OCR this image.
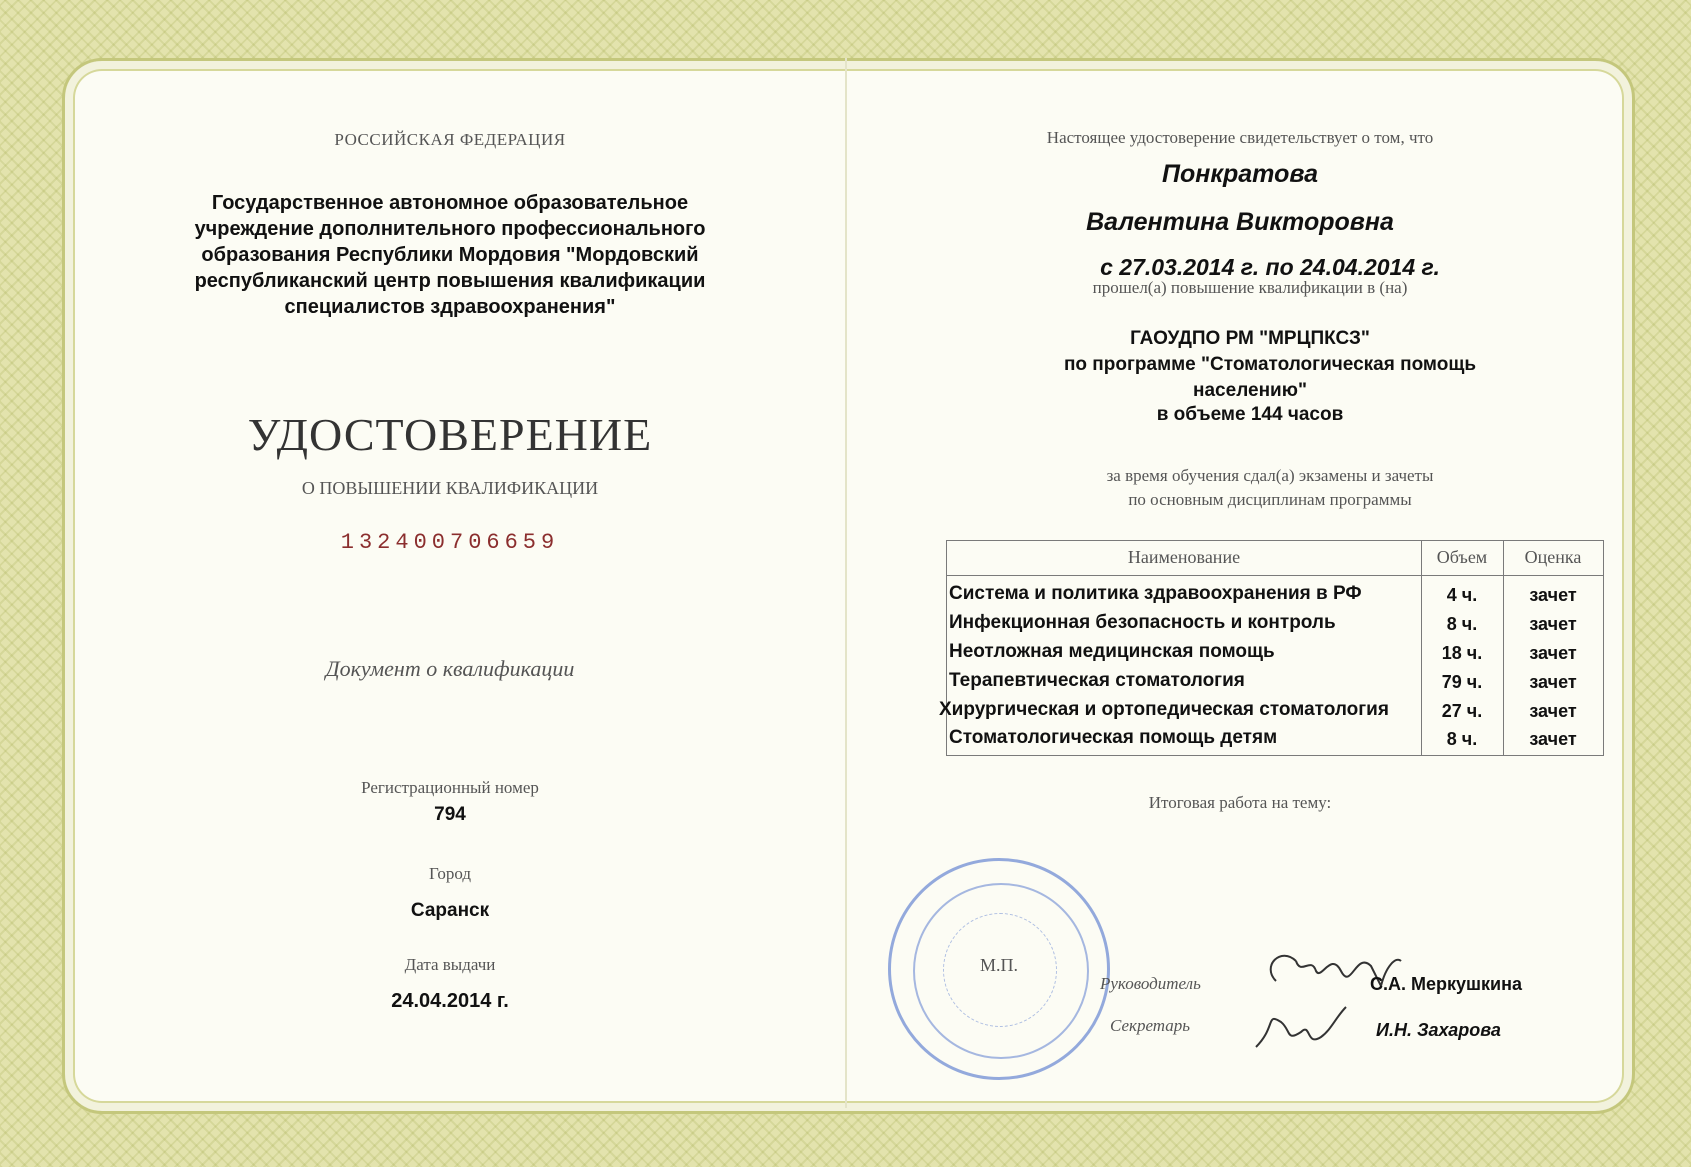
РОССИЙСКАЯ ФЕДЕРАЦИЯ
Государственное автономное образовательное
учреждение дополнительного профессионального
образования Республики Мордовия "Мордовский
республиканский центр повышения квалификации
специалистов здравоохранения"
УДОСТОВЕРЕНИЕ
О ПОВЫШЕНИИ КВАЛИФИКАЦИИ
132400706659
Документ о квалификации
Регистрационный номер
794
Город
Саранск
Дата выдачи
24.04.2014 г.
Настоящее удостоверение свидетельствует о том, что
Понкратова
Валентина Викторовна
с 27.03.2014 г. по 24.04.2014 г.
прошел(а) повышение квалификации в (на)
ГАОУДПО РМ "МРЦПКСЗ"
по программе "Стоматологическая помощь
населению"
в объеме 144 часов
за время обучения сдал(а) экзамены и зачеты
по основным дисциплинам программы
Наименование	Объем	Оценка
Система и политика здравоохранения в РФ	4 ч.	зачет
Инфекционная безопасность и контроль	8 ч.	зачет
Неотложная медицинская помощь	18 ч.	зачет
Терапевтическая стоматология	79 ч.	зачет
Хирургическая и ортопедическая стоматология	27 ч.	зачет
Стоматологическая помощь детям	8 ч.	зачет
Итоговая работа на тему:
М.П.
Руководитель	С.А. Меркушкина
Секретарь	И.Н. Захарова
